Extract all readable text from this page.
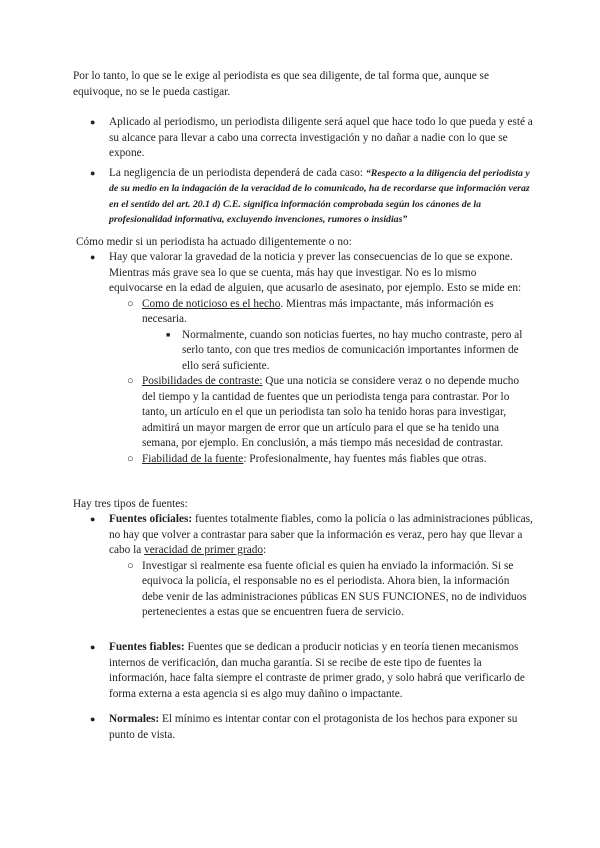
Por lo tanto, lo que se le exige al periodista es que sea diligente, de tal forma que, aunque se equivoque, no se le pueda castigar.

● Aplicado al periodismo, un periodista diligente será aquel que hace todo lo que pueda y esté a su alcance para llevar a cabo una correcta investigación y no dañar a nadie con lo que se expone.
● La negligencia de un periodista dependerá de cada caso: “Respecto a la diligencia del periodista y de su medio en la indagación de la veracidad de lo comunicado, ha de recordarse que información veraz en el sentido del art. 20.1 d) C.E. significa información comprobada según los cánones de la profesionalidad informativa, excluyendo invenciones, rumores o insidias”

Cómo medir si un periodista ha actuado diligentemente o no:

● Hay que valorar la gravedad de la noticia y prever las consecuencias de lo que se expone. Mientras más grave sea lo que se cuenta, más hay que investigar. No es lo mismo equivocarse en la edad de alguien, que acusarlo de asesinato, por ejemplo. Esto se mide en:
○ Como de noticioso es el hecho. Mientras más impactante, más información es necesaria.
■ Normalmente, cuando son noticias fuertes, no hay mucho contraste, pero al serlo tanto, con que tres medios de comunicación importantes informen de ello será suficiente.
○ Posibilidades de contraste: Que una noticia se considere veraz o no depende mucho del tiempo y la cantidad de fuentes que un periodista tenga para contrastar. Por lo tanto, un artículo en el que un periodista tan solo ha tenido horas para investigar, admitirá un mayor margen de error que un artículo para el que se ha tenido una semana, por ejemplo. En conclusión, a más tiempo más necesidad de contrastar.
○ Fiabilidad de la fuente: Profesionalmente, hay fuentes más fiables que otras.

Hay tres tipos de fuentes:

● Fuentes oficiales: fuentes totalmente fiables, como la policía o las administraciones públicas, no hay que volver a contrastar para saber que la información es veraz, pero hay que llevar a cabo la veracidad de primer grado:
○ Investigar si realmente esa fuente oficial es quien ha enviado la información. Si se equivoca la policía, el responsable no es el periodista. Ahora bien, la información debe venir de las administraciones públicas EN SUS FUNCIONES, no de individuos pertenecientes a estas que se encuentren fuera de servicio.
● Fuentes fiables: Fuentes que se dedican a producir noticias y en teoría tienen mecanismos internos de verificación, dan mucha garantía. Si se recibe de este tipo de fuentes la información, hace falta siempre el contraste de primer grado, y solo habrá que verificarlo de forma externa a esta agencia si es algo muy dañino o impactante.
● Normales: El mínimo es intentar contar con el protagonista de los hechos para exponer su punto de vista.
